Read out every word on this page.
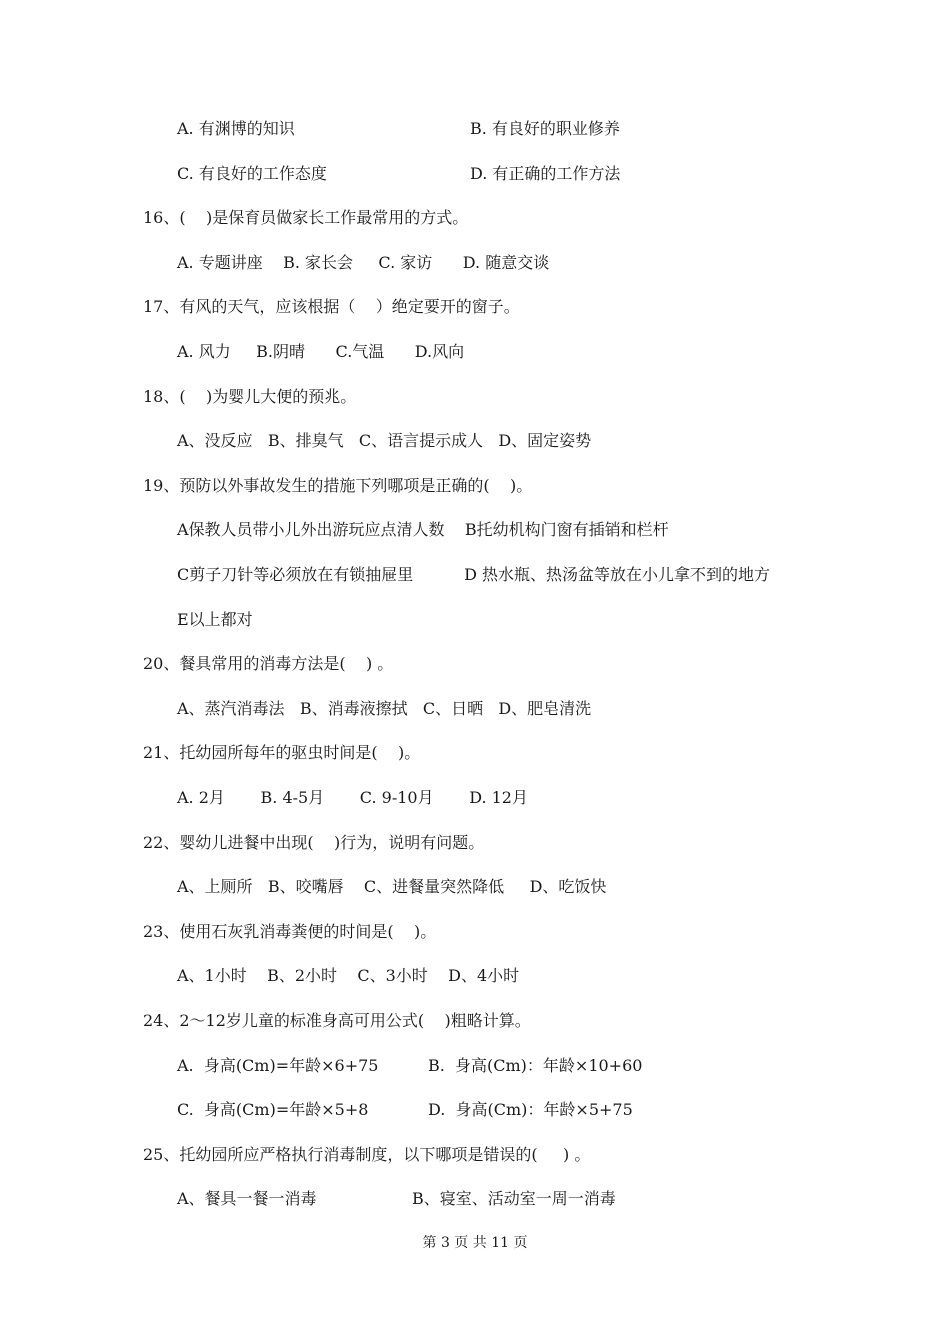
A. 有渊博的知识	B. 有良好的职业修养
C. 有良好的工作态度	D. 有正确的工作方法
16、(    )是保育员做家长工作最常用的方式。
A. 专题讲座    B. 家长会     C. 家访      D. 随意交谈
17、有风的天气，应该根据（    ）绝定要开的窗子。
A. 风力     B.阴晴      C.气温      D.风向
18、(    )为婴儿大便的预兆。
A、没反应   B、排臭气   C、语言提示成人   D、固定姿势
19、预防以外事故发生的措施下列哪项是正确的(    )。
A保教人员带小儿外出游玩应点清人数    B托幼机构门窗有插销和栏杆
C剪子刀针等必须放在有锁抽屉里          D 热水瓶、热汤盆等放在小儿拿不到的地方
E以上都对
20、餐具常用的消毒方法是(    ) 。
A、蒸汽消毒法   B、消毒液擦拭   C、日晒   D、肥皂清洗
21、托幼园所每年的驱虫时间是(    )。
A. 2月       B. 4-5月       C. 9-10月       D. 12月
22、婴幼儿进餐中出现(    )行为，说明有问题。
A、上厕所   B、咬嘴唇    C、进餐量突然降低     D、吃饭快
23、使用石灰乳消毒粪便的时间是(    )。
A、1小时    B、2小时    C、3小时    D、4小时
24、2～12岁儿童的标准身高可用公式(    )粗略计算。
A.  身高(Cm)=年龄×6+75	B.  身高(Cm)：年龄×10+60
C.  身高(Cm)=年龄×5+8	D.  身高(Cm)：年龄×5+75
25、托幼园所应严格执行消毒制度，以下哪项是错误的(     ) 。
A、餐具一餐一消毒	B、寝室、活动室一周一消毒
第 3 页 共 11 页
